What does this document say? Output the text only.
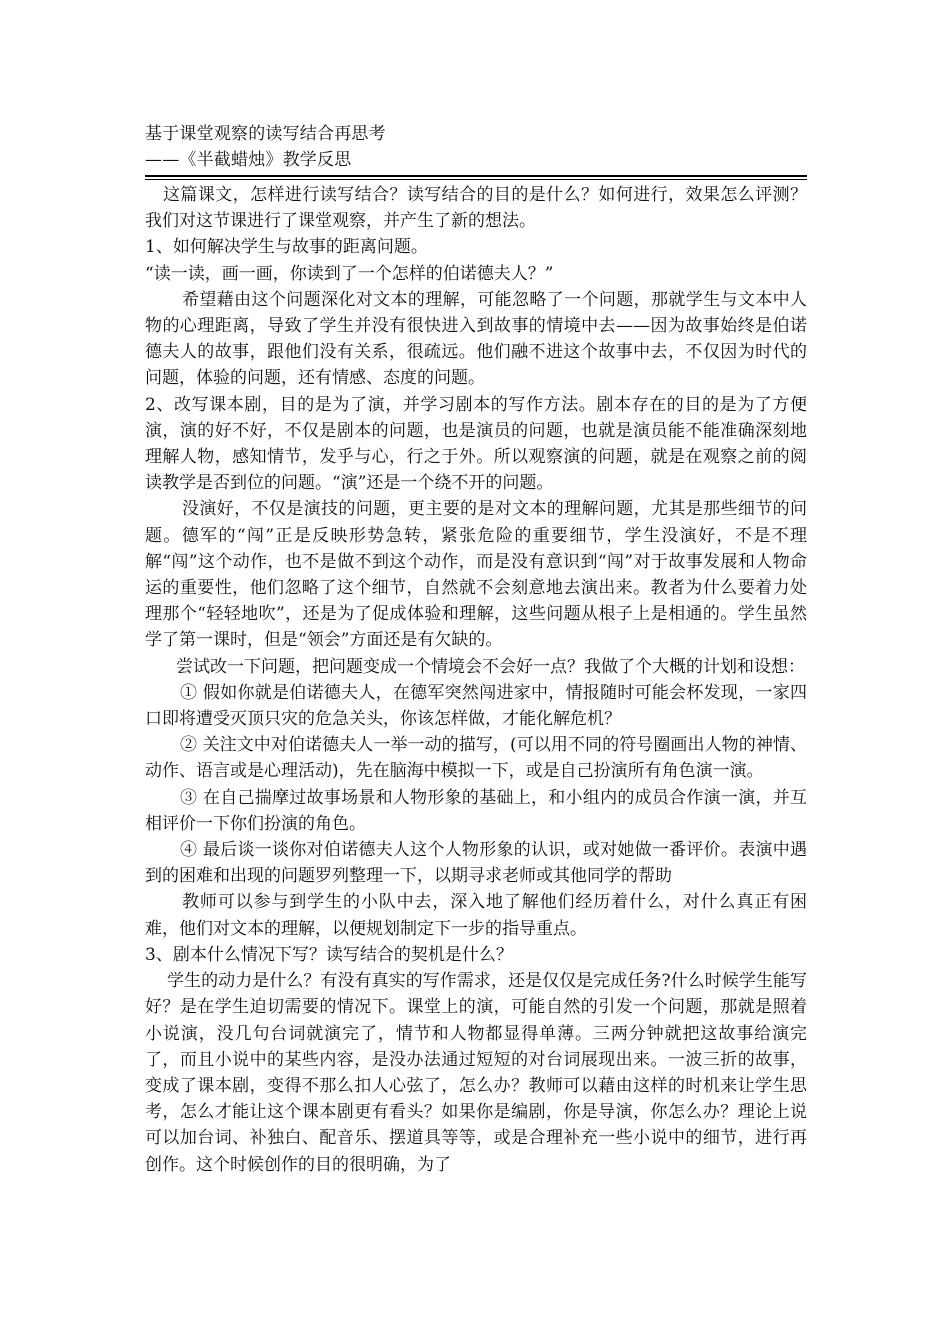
基于课堂观察的读写结合再思考
——《半截蜡烛》教学反思

这篇课文，怎样进行读写结合？读写结合的目的是什么？如何进行，效果怎么评测？我们对这节课进行了课堂观察，并产生了新的想法。

1、如何解决学生与故事的距离问题。

“读一读，画一画，你读到了一个怎样的伯诺德夫人？”

希望藉由这个问题深化对文本的理解，可能忽略了一个问题，那就学生与文本中人物的心理距离，导致了学生并没有很快进入到故事的情境中去——因为故事始终是伯诺德夫人的故事，跟他们没有关系，很疏远。他们融不进这个故事中去，不仅因为时代的问题，体验的问题，还有情感、态度的问题。

2、改写课本剧，目的是为了演，并学习剧本的写作方法。剧本存在的目的是为了方便演，演的好不好，不仅是剧本的问题，也是演员的问题，也就是演员能不能准确深刻地理解人物，感知情节，发乎与心，行之于外。所以观察演的问题，就是在观察之前的阅读教学是否到位的问题。“演”还是一个绕不开的问题。

没演好，不仅是演技的问题，更主要的是对文本的理解问题，尤其是那些细节的问题。德军的“闯”正是反映形势急转，紧张危险的重要细节，学生没演好，不是不理解“闯”这个动作，也不是做不到这个动作，而是没有意识到“闯”对于故事发展和人物命运的重要性，他们忽略了这个细节，自然就不会刻意地去演出来。教者为什么要着力处理那个“轻轻地吹”，还是为了促成体验和理解，这些问题从根子上是相通的。学生虽然学了第一课时，但是“领会”方面还是有欠缺的。

尝试改一下问题，把问题变成一个情境会不会好一点？我做了个大概的计划和设想：

① 假如你就是伯诺德夫人，在德军突然闯进家中，情报随时可能会杯发现，一家四口即将遭受灭顶只灾的危急关头，你该怎样做，才能化解危机？

② 关注文中对伯诺德夫人一举一动的描写，(可以用不同的符号圈画出人物的神情、动作、语言或是心理活动)，先在脑海中模拟一下，或是自己扮演所有角色演一演。

③ 在自己揣摩过故事场景和人物形象的基础上，和小组内的成员合作演一演，并互相评价一下你们扮演的角色。

④ 最后谈一谈你对伯诺德夫人这个人物形象的认识，或对她做一番评价。表演中遇到的困难和出现的问题罗列整理一下，以期寻求老师或其他同学的帮助

教师可以参与到学生的小队中去，深入地了解他们经历着什么，对什么真正有困难，他们对文本的理解，以便规划制定下一步的指导重点。

3、剧本什么情况下写？读写结合的契机是什么？

学生的动力是什么？有没有真实的写作需求，还是仅仅是完成任务?什么时候学生能写好？是在学生迫切需要的情况下。课堂上的演，可能自然的引发一个问题，那就是照着小说演，没几句台词就演完了，情节和人物都显得单薄。三两分钟就把这故事给演完了，而且小说中的某些内容，是没办法通过短短的对台词展现出来。一波三折的故事，变成了课本剧，变得不那么扣人心弦了，怎么办？教师可以藉由这样的时机来让学生思考，怎么才能让这个课本剧更有看头？如果你是编剧，你是导演，你怎么办？理论上说可以加台词、补独白、配音乐、摆道具等等，或是合理补充一些小说中的细节，进行再创作。这个时候创作的目的很明确，为了
